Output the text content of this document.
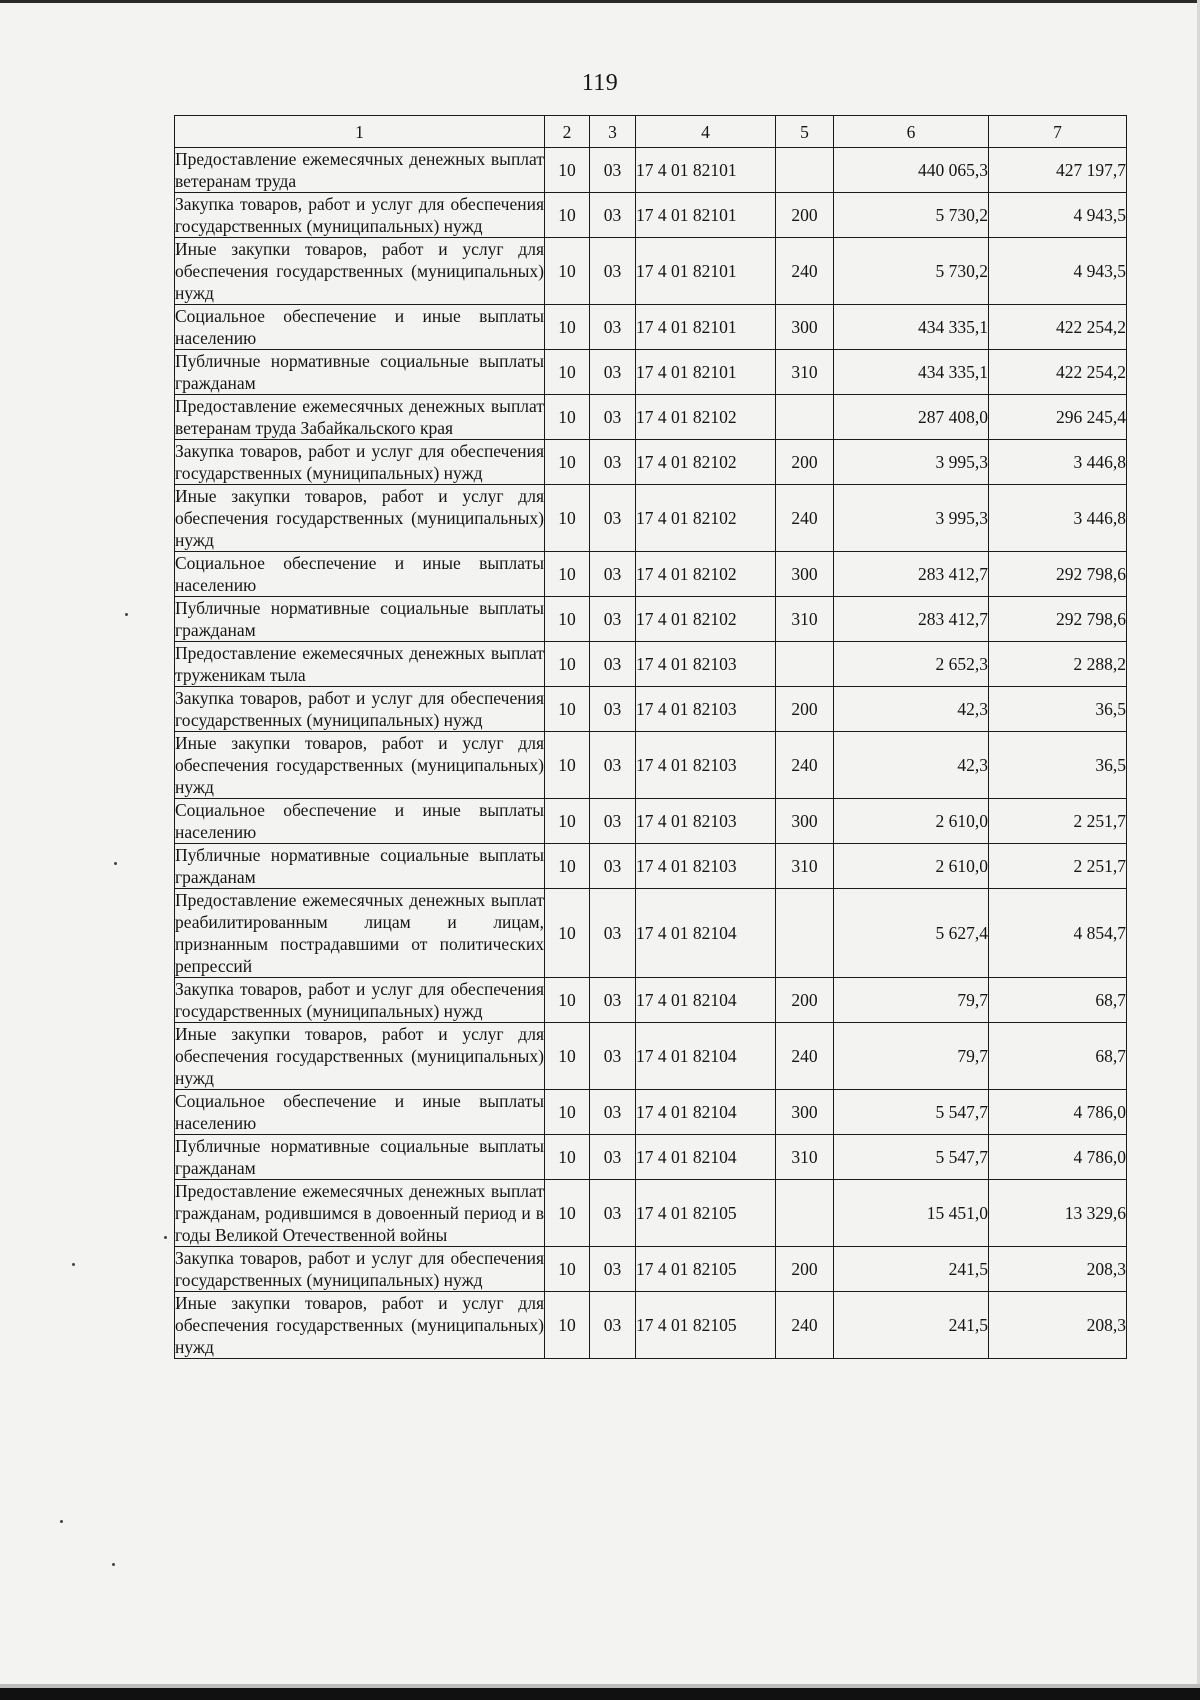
119
1	2	3	4	5	6	7
Предоставление ежемесячных денежных выплат ветеранам труда	10	03	17 4 01 82101		440 065,3	427 197,7
Закупка товаров, работ и услуг для обеспечения государственных (муниципальных) нужд	10	03	17 4 01 82101	200	5 730,2	4 943,5
Иные закупки товаров, работ и услуг для обеспечения государственных (муниципальных) нужд	10	03	17 4 01 82101	240	5 730,2	4 943,5
Социальное обеспечение и иные выплаты населению	10	03	17 4 01 82101	300	434 335,1	422 254,2
Публичные нормативные социальные выплаты гражданам	10	03	17 4 01 82101	310	434 335,1	422 254,2
Предоставление ежемесячных денежных выплат ветеранам труда Забайкальского края	10	03	17 4 01 82102		287 408,0	296 245,4
Закупка товаров, работ и услуг для обеспечения государственных (муниципальных) нужд	10	03	17 4 01 82102	200	3 995,3	3 446,8
Иные закупки товаров, работ и услуг для обеспечения государственных (муниципальных) нужд	10	03	17 4 01 82102	240	3 995,3	3 446,8
Социальное обеспечение и иные выплаты населению	10	03	17 4 01 82102	300	283 412,7	292 798,6
Публичные нормативные социальные выплаты гражданам	10	03	17 4 01 82102	310	283 412,7	292 798,6
Предоставление ежемесячных денежных выплат труженикам тыла	10	03	17 4 01 82103		2 652,3	2 288,2
Закупка товаров, работ и услуг для обеспечения государственных (муниципальных) нужд	10	03	17 4 01 82103	200	42,3	36,5
Иные закупки товаров, работ и услуг для обеспечения государственных (муниципальных) нужд	10	03	17 4 01 82103	240	42,3	36,5
Социальное обеспечение и иные выплаты населению	10	03	17 4 01 82103	300	2 610,0	2 251,7
Публичные нормативные социальные выплаты гражданам	10	03	17 4 01 82103	310	2 610,0	2 251,7
Предоставление ежемесячных денежных выплат реабилитированным лицам и лицам, признанным пострадавшими от политических репрессий	10	03	17 4 01 82104		5 627,4	4 854,7
Закупка товаров, работ и услуг для обеспечения государственных (муниципальных) нужд	10	03	17 4 01 82104	200	79,7	68,7
Иные закупки товаров, работ и услуг для обеспечения государственных (муниципальных) нужд	10	03	17 4 01 82104	240	79,7	68,7
Социальное обеспечение и иные выплаты населению	10	03	17 4 01 82104	300	5 547,7	4 786,0
Публичные нормативные социальные выплаты гражданам	10	03	17 4 01 82104	310	5 547,7	4 786,0
Предоставление ежемесячных денежных выплат гражданам, родившимся в довоенный период и в годы Великой Отечественной войны	10	03	17 4 01 82105		15 451,0	13 329,6
Закупка товаров, работ и услуг для обеспечения государственных (муниципальных) нужд	10	03	17 4 01 82105	200	241,5	208,3
Иные закупки товаров, работ и услуг для обеспечения государственных (муниципальных) нужд	10	03	17 4 01 82105	240	241,5	208,3
